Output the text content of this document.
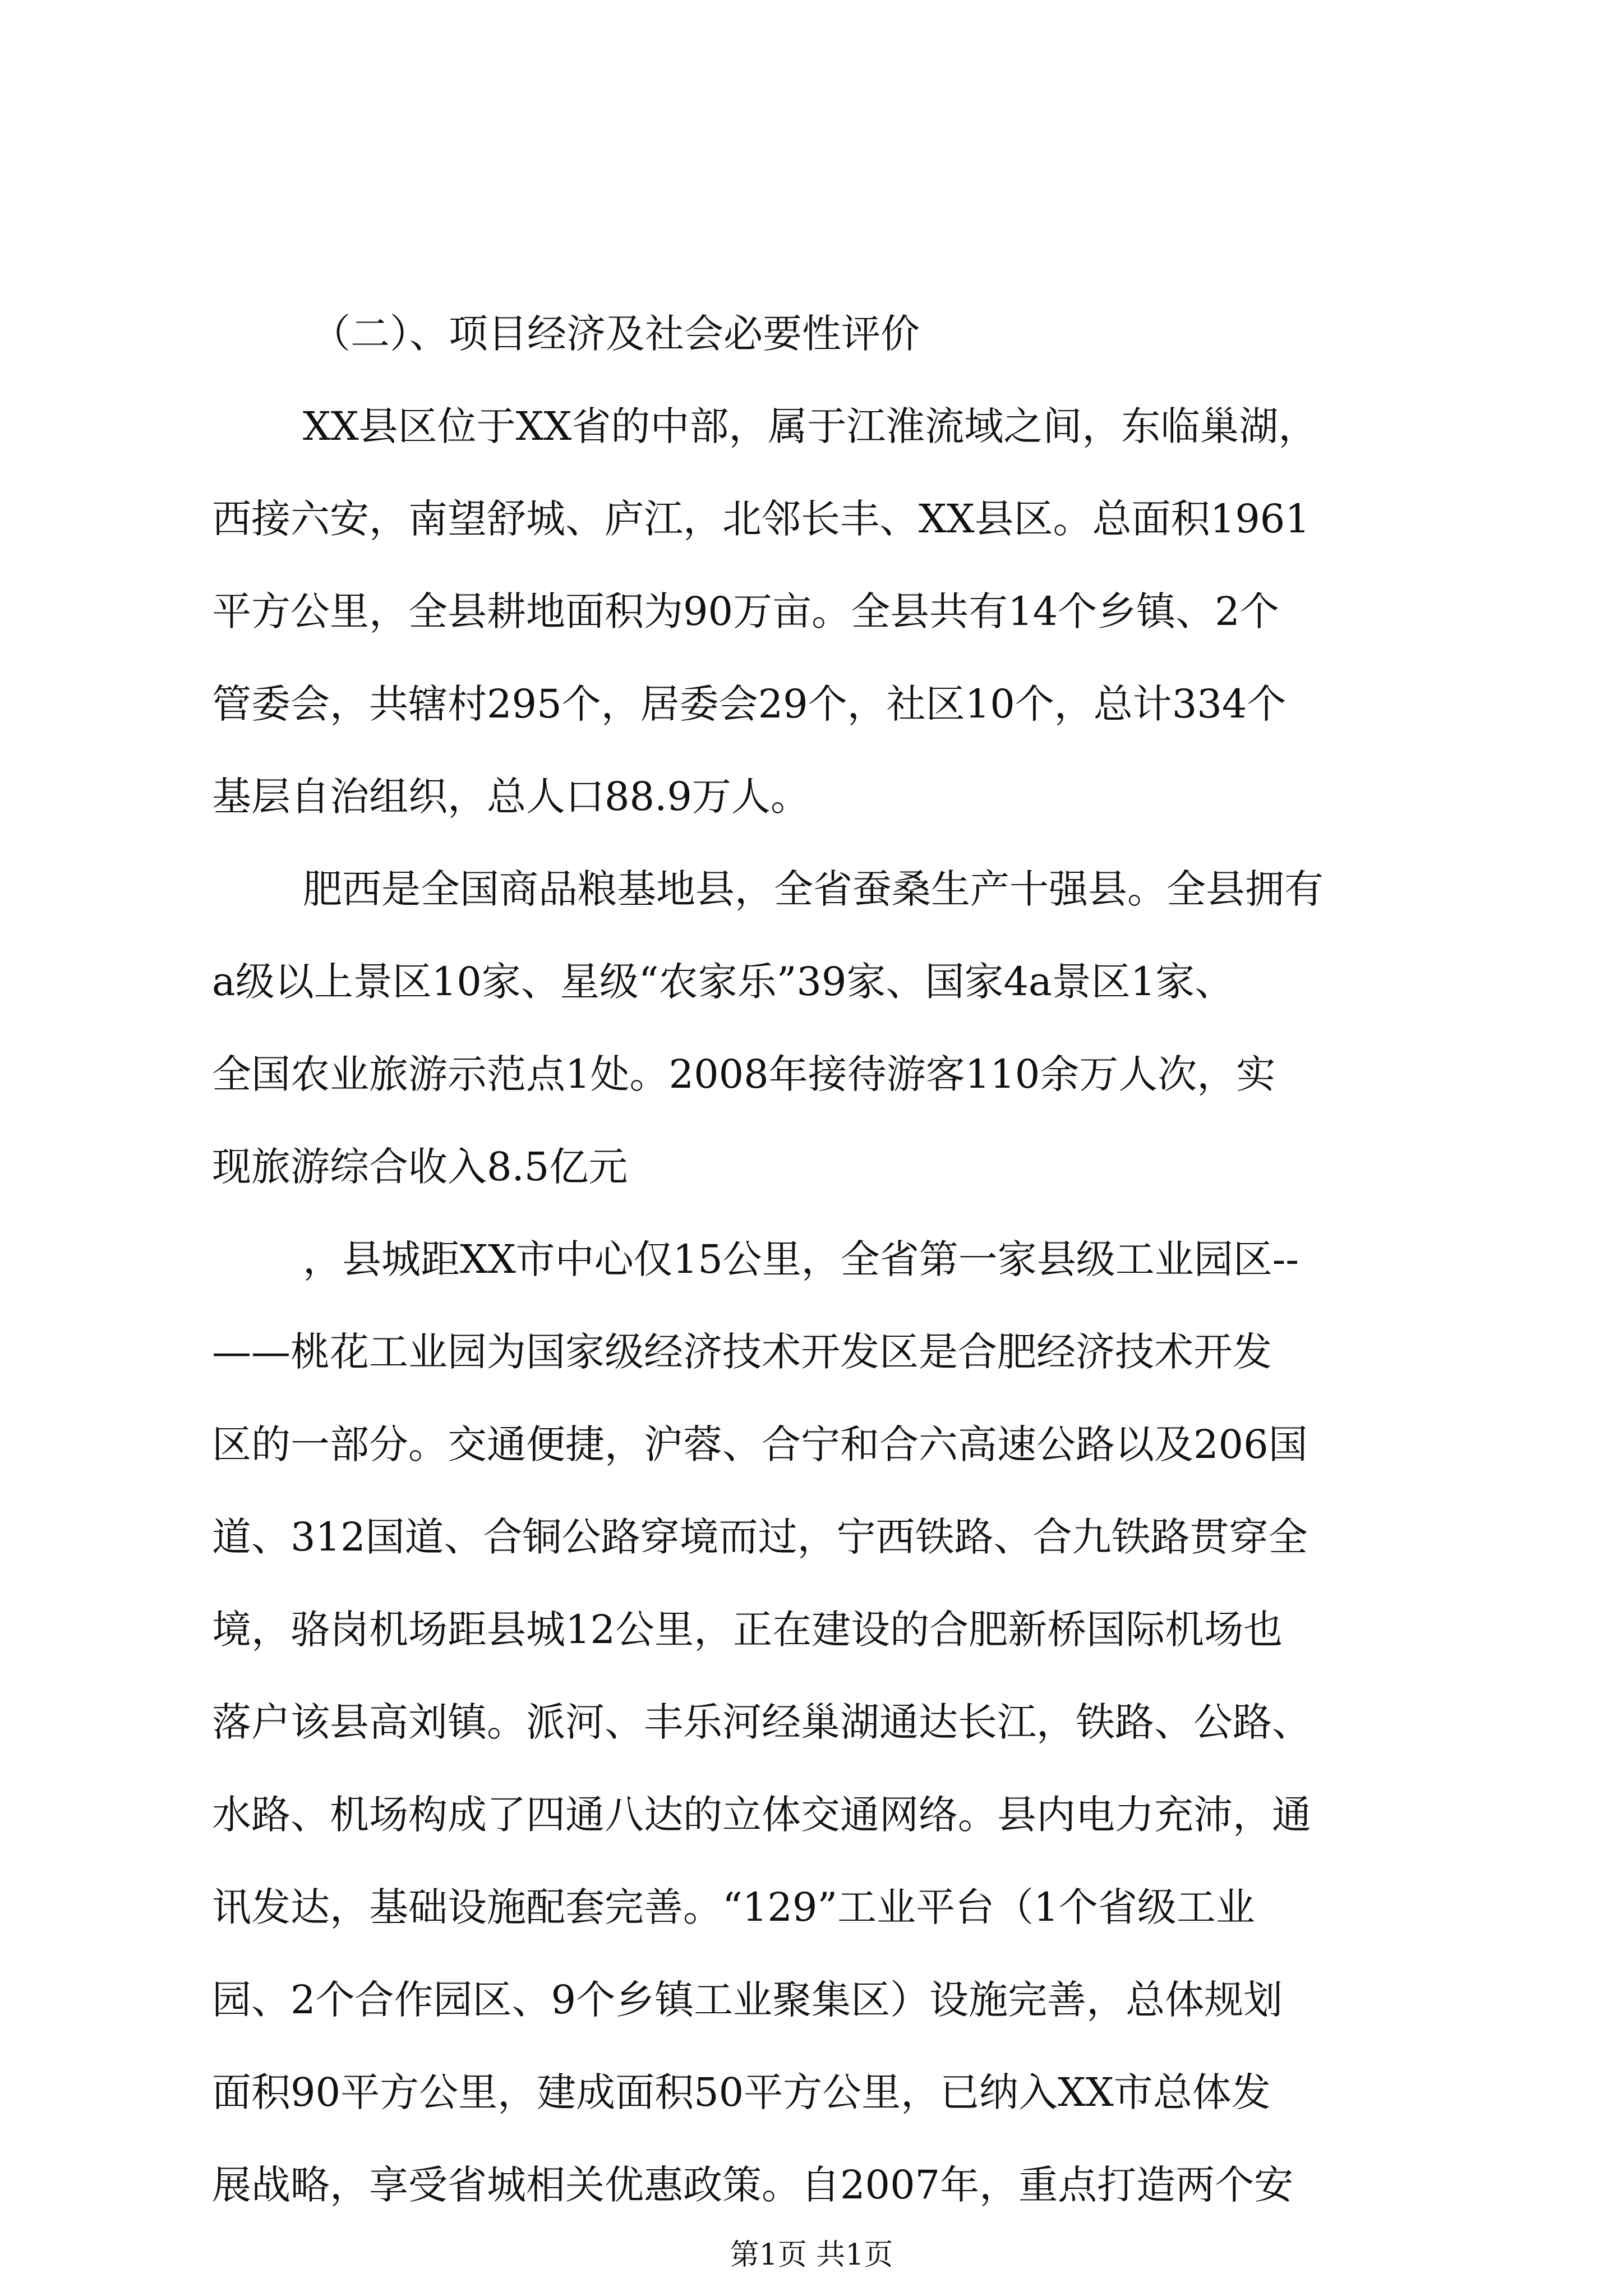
（二）、项目经济及社会必要性评价
XX县区位于XX省的中部，属于江淮流域之间，东临巢湖，
西接六安，南望舒城、庐江，北邻长丰、XX县区。总面积1961
平方公里，全县耕地面积为90万亩。全县共有14个乡镇、2个
管委会，共辖村295个，居委会29个，社区10个，总计334个
基层自治组织，总人口88.9万人。
肥西是全国商品粮基地县，全省蚕桑生产十强县。全县拥有
a级以上景区10家、星级“农家乐”39家、国家4a景区1家、
全国农业旅游示范点1处。2008年接待游客110余万人次，实
现旅游综合收入8.5亿元
，县城距XX市中心仅15公里，全省第一家县级工业园区--
——桃花工业园为国家级经济技术开发区是合肥经济技术开发
区的一部分。交通便捷，沪蓉、合宁和合六高速公路以及206国
道、312国道、合铜公路穿境而过，宁西铁路、合九铁路贯穿全
境，骆岗机场距县城12公里，正在建设的合肥新桥国际机场也
落户该县高刘镇。派河、丰乐河经巢湖通达长江，铁路、公路、
水路、机场构成了四通八达的立体交通网络。县内电力充沛，通
讯发达，基础设施配套完善。“129”工业平台（1个省级工业
园、2个合作园区、9个乡镇工业聚集区）设施完善，总体规划
面积90平方公里，建成面积50平方公里，已纳入XX市总体发
展战略，享受省城相关优惠政策。自2007年，重点打造两个安
第1页 共1页
